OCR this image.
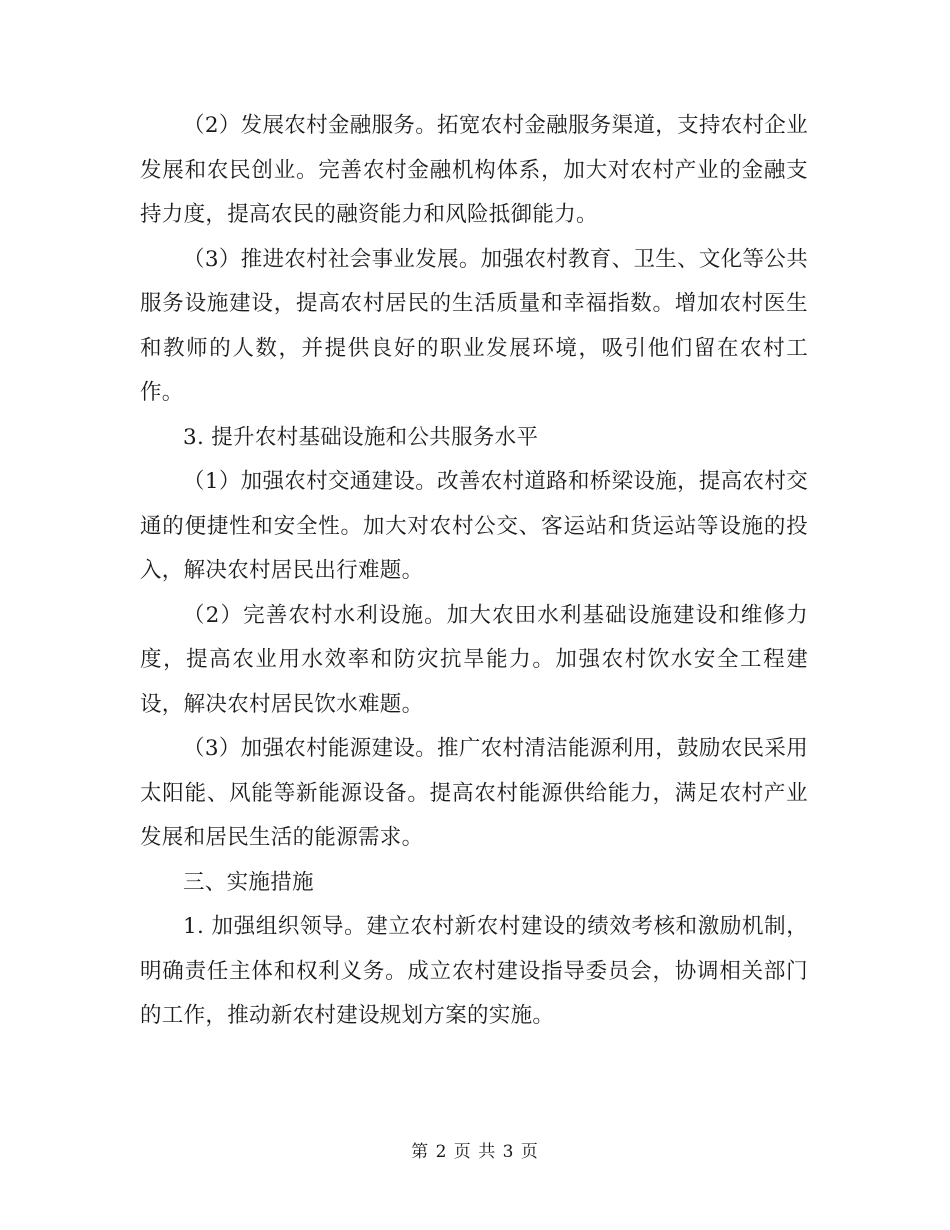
（2）发展农村金融服务。拓宽农村金融服务渠道，支持农村企业发展和农民创业。完善农村金融机构体系，加大对农村产业的金融支持力度，提高农民的融资能力和风险抵御能力。

（3）推进农村社会事业发展。加强农村教育、卫生、文化等公共服务设施建设，提高农村居民的生活质量和幸福指数。增加农村医生和教师的人数，并提供良好的职业发展环境，吸引他们留在农村工作。

3. 提升农村基础设施和公共服务水平

（1）加强农村交通建设。改善农村道路和桥梁设施，提高农村交通的便捷性和安全性。加大对农村公交、客运站和货运站等设施的投入，解决农村居民出行难题。

（2）完善农村水利设施。加大农田水利基础设施建设和维修力度，提高农业用水效率和防灾抗旱能力。加强农村饮水安全工程建设，解决农村居民饮水难题。

（3）加强农村能源建设。推广农村清洁能源利用，鼓励农民采用太阳能、风能等新能源设备。提高农村能源供给能力，满足农村产业发展和居民生活的能源需求。

三、实施措施

1. 加强组织领导。建立农村新农村建设的绩效考核和激励机制，明确责任主体和权利义务。成立农村建设指导委员会，协调相关部门的工作，推动新农村建设规划方案的实施。

第 2 页 共 3 页
